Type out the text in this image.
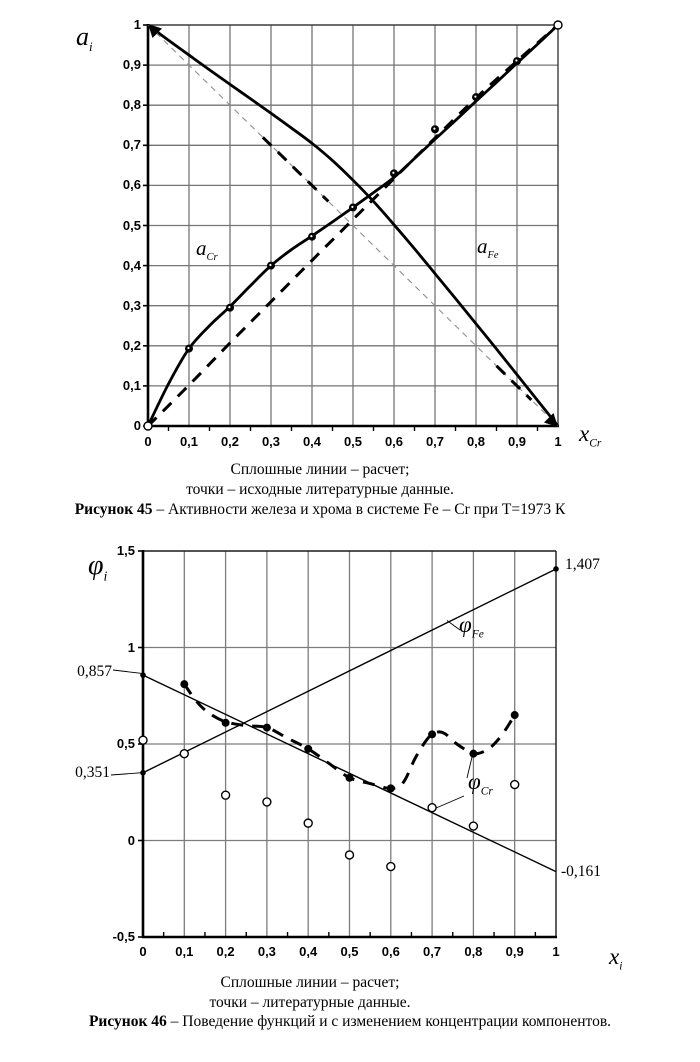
$a_i$
$x_{Cr}$
$a_{Cr}$	$a_{Fe}$
Сплошные линии – расчет;
точки – исходные литературные данные.
Рисунок 45 – Активности железа и хрома в системе Fe – Cr при Т=1973 К
$\varphi_i$
$x_i$
$\varphi_{Fe}$
$\varphi_{Cr}$
0,857
0,351
1,407
-0,161
Сплошные линии – расчет;
точки – литературные данные.
Рисунок 46 – Поведение функций и с изменением концентрации компонентов.
0	0,1	0,2	0,3	0,4	0,5	0,6	0,7	0,8	0,9	1
0
0,1
0,2
0,3
0,4
0,5
0,6
0,7
0,8
0,9
1
0	0,1	0,2	0,3	0,4	0,5	0,6	0,7	0,8	0,9	1
-0,5
0
0,5
1
1,5
